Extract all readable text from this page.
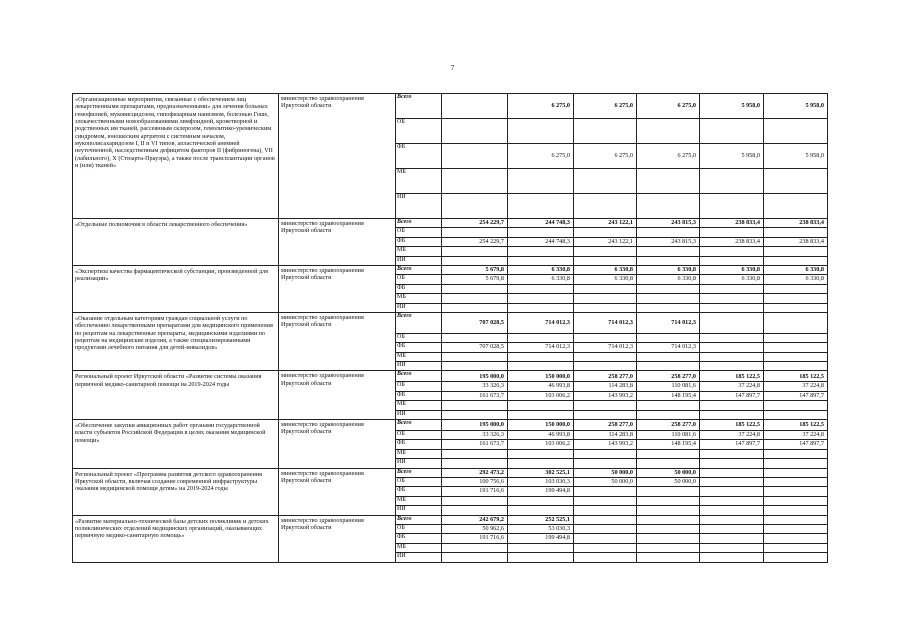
7
«Организационные мероприятия, связанные с обеспечением лиц лекарственными препаратами, предназначенными» для лечения больных гемофилией, муковисцидозом, гипофизарным нанизмом, болезнью Гоше, злокачественными новообразованиями лимфоидной, кроветворной и родственных им тканей, рассеянным склерозом, гемолитико-уремическим синдромом, юношеским артритом с системным началом, мукополисахаридозом I, II и VI типов, апластической анемией неуточненной, наследственным дефицитом факторов II (фибриногена), VII (лабильного), X (Стюарта-Прауэра), а также после трансплантации органов и (или) тканей»	министерство здравоохранения Иркутской области	Всего		6 275,0	6 275,0	6 275,0	5 958,0	5 958,0
		ОБ						
		ФБ		6 275,0	6 275,0	6 275,0	5 958,0	5 958,0
		МБ						
		ИИ						
«Отдельные полномочия в области лекарственного обеспечения»	министерство здравоохранения Иркутской области	Всего	254 229,7	244 748,3	243 122,1	243 815,3	238 833,4	238 833,4
		ОБ						
		ФБ	254 229,7	244 748,3	243 122,1	243 815,3	238 833,4	238 833,4
		МБ						
		ИИ						
«Экспертиза качества фармацевтической субстанции, произведенной для реализации»	министерство здравоохранения Иркутской области	Всего	5 679,8	6 330,8	6 330,8	6 330,8	6 330,8	6 330,8
		ОБ	5 679,8	6 330,8	6 330,8	6 330,8	6 330,8	6 330,8
		ФБ						
		МБ						
		ИИ						
«Оказание отдельным категориям граждан социальной услуги по обеспечению лекарственными препаратами для медицинского применения по рецептам на лекарственные препараты, медицинскими изделиями по рецептам на медицинские изделия, а также специализированными продуктами лечебного питания для детей-инвалидов»	министерство здравоохранения Иркутской области	Всего	707 028,5	714 012,3	714 012,3	714 012,3		
		ОБ						
		ФБ	707 028,5	714 012,3	714 012,3	714 012,3		
		МБ						
		ИИ						
Региональный проект Иркутской области «Развитие системы оказания первичной медико-санитарной помощи на 2019-2024 годы	министерство здравоохранения Иркутской области	Всего	195 000,0	150 000,0	258 277,0	258 277,0	185 122,5	185 122,5
		ОБ	33 326,3	46 993,8	114 283,8	110 081,6	37 224,8	37 224,8
		ФБ	161 673,7	103 006,2	143 993,2	148 195,4	147 897,7	147 897,7
		МБ						
		ИИ						
«Обеспечение закупки авиационных работ органами государственной власти субъектов Российской Федерации в целях оказания медицинской помощи»	министерство здравоохранения Иркутской области	Всего	195 000,0	150 000,0	258 277,0	258 277,0	185 122,5	185 122,5
		ОБ	33 326,3	46 993,8	114 283,8	110 081,6	37 224,8	37 224,8
		ФБ	161 673,7	103 006,2	143 993,2	148 195,4	147 897,7	147 897,7
		МБ						
		ИИ						
Региональный проект «Программа развития детского здравоохранения Иркутской области, включая создание современной инфраструктуры оказания медицинской помощи детям» на 2019-2024 годы	министерство здравоохранения Иркутской области	Всего	292 473,2	302 525,1	50 000,0	50 000,0		
		ОБ	100 756,6	103 030,3	50 000,0	50 000,0		
		ФБ	191 716,6	199 494,8				
		МБ						
		ИИ						
«Развитие материально-технической базы детских поликлиник и детских поликлинических отделений медицинских организаций, оказывающих первичную медико-санитарную помощь»	министерство здравоохранения Иркутской области	Всего	242 679,2	252 525,1				
		ОБ	50 962,6	53 030,3				
		ФБ	191 716,6	199 494,8				
		МБ						
		ИИ						
